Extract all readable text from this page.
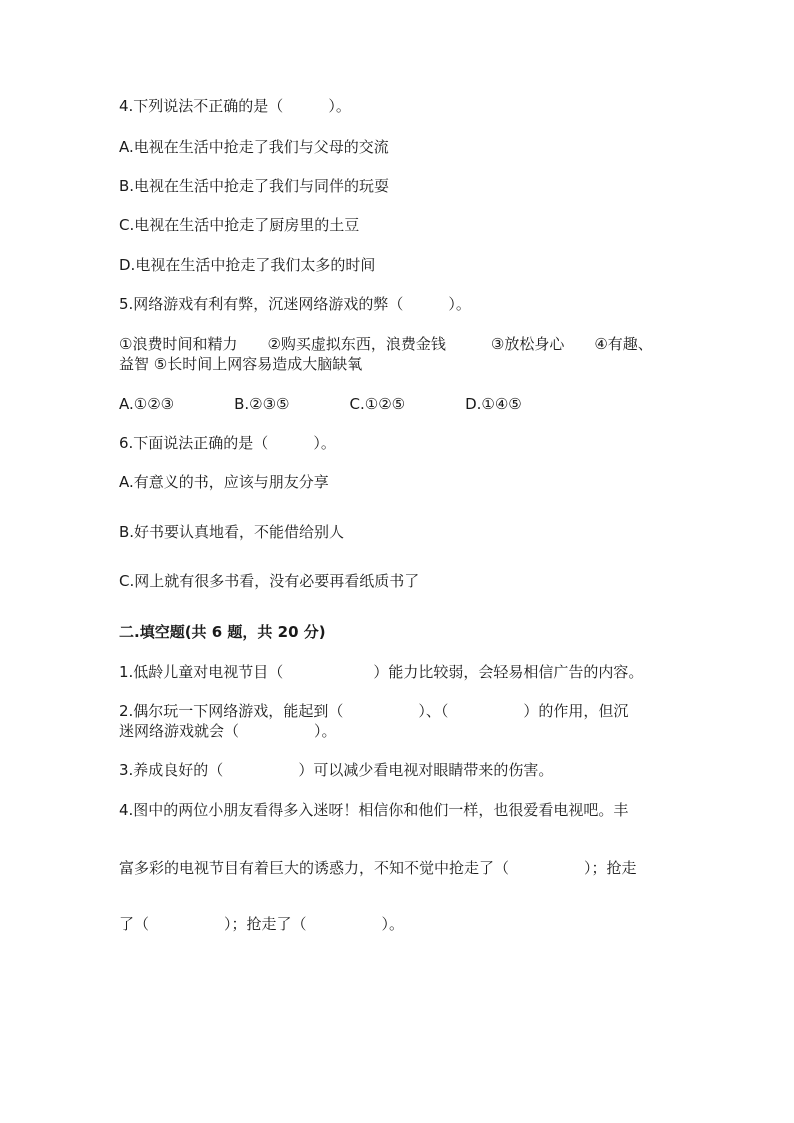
4.下列说法不正确的是（　　　）。

A.电视在生活中抢走了我们与父母的交流

B.电视在生活中抢走了我们与同伴的玩耍

C.电视在生活中抢走了厨房里的土豆

D.电视在生活中抢走了我们太多的时间

5.网络游戏有利有弊，沉迷网络游戏的弊（　　　）。

①浪费时间和精力　　②购买虚拟东西，浪费金钱　　　③放松身心　　④有趣、

益智 ⑤长时间上网容易造成大脑缺氧

A.①②③　　　　B.②③⑤　　　　C.①②⑤　　　　D.①④⑤

6.下面说法正确的是（　　　）。

A.有意义的书，应该与朋友分享

B.好书要认真地看，不能借给别人

C.网上就有很多书看，没有必要再看纸质书了

二.填空题(共 6 题，共 20 分)

1.低龄儿童对电视节目（　　　　　　）能力比较弱，会轻易相信广告的内容。

2.偶尔玩一下网络游戏，能起到（　　　　　）、（　　　　　）的作用，但沉

迷网络游戏就会（　　　　　）。

3.养成良好的（　　　　　）可以减少看电视对眼睛带来的伤害。

4.图中的两位小朋友看得多入迷呀！相信你和他们一样，也很爱看电视吧。丰

富多彩的电视节目有着巨大的诱惑力，不知不觉中抢走了（　　　　　）；抢走

了（　　　　　）；抢走了（　　　　　）。
